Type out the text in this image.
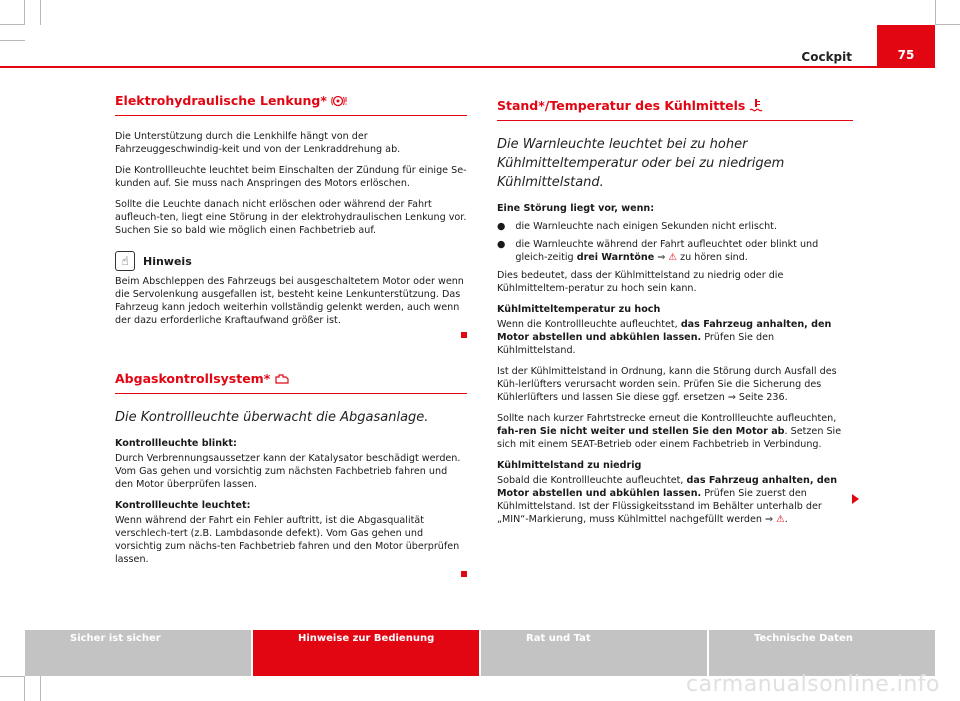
Cockpit	75
Elektrohydraulische Lenkung*

Die Unterstützung durch die Lenkhilfe hängt von der Fahrzeuggeschwindig-keit und von der Lenkraddrehung ab.

Die Kontrollleuchte leuchtet beim Einschalten der Zündung für einige Se-kunden auf. Sie muss nach Anspringen des Motors erlöschen.

Sollte die Leuchte danach nicht erlöschen oder während der Fahrt aufleuch-ten, liegt eine Störung in der elektrohydraulischen Lenkung vor. Suchen Sie so bald wie möglich einen Fachbetrieb auf.

☝	Hinweis

Beim Abschleppen des Fahrzeugs bei ausgeschaltetem Motor oder wenn die Servolenkung ausgefallen ist, besteht keine Lenkunterstützung. Das Fahrzeug kann jedoch weiterhin vollständig gelenkt werden, auch wenn der dazu erforderliche Kraftaufwand größer ist.

Abgaskontrollsystem*
Die Kontrollleuchte überwacht die Abgasanlage.

Kontrollleuchte blinkt:

Durch Verbrennungsaussetzer kann der Katalysator beschädigt werden. Vom Gas gehen und vorsichtig zum nächsten Fachbetrieb fahren und den Motor überprüfen lassen.

Kontrollleuchte leuchtet:

Wenn während der Fahrt ein Fehler auftritt, ist die Abgasqualität verschlech-tert (z.B. Lambdasonde defekt). Vom Gas gehen und vorsichtig zum nächs-ten Fachbetrieb fahren und den Motor überprüfen lassen.

Stand*/Temperatur des Kühlmittels
Die Warnleuchte leuchtet bei zu hoher Kühlmitteltemperatur oder bei zu niedrigem Kühlmittelstand.

Eine Störung liegt vor, wenn:

● die Warnleuchte nach einigen Sekunden nicht erlischt.
● die Warnleuchte während der Fahrt aufleuchtet oder blinkt und gleich-zeitig drei Warntöne ⇒ ⚠ zu hören sind.

Dies bedeutet, dass der Kühlmittelstand zu niedrig oder die Kühlmitteltem-peratur zu hoch sein kann.

Kühlmitteltemperatur zu hoch

Wenn die Kontrollleuchte aufleuchtet, das Fahrzeug anhalten, den Motor abstellen und abkühlen lassen. Prüfen Sie den Kühlmittelstand.

Ist der Kühlmittelstand in Ordnung, kann die Störung durch Ausfall des Küh-lerlüfters verursacht worden sein. Prüfen Sie die Sicherung des Kühlerlüfters und lassen Sie diese ggf. ersetzen ⇒ Seite 236.

Sollte nach kurzer Fahrtstrecke erneut die Kontrollleuchte aufleuchten, fah-ren Sie nicht weiter und stellen Sie den Motor ab. Setzen Sie sich mit einem SEAT-Betrieb oder einem Fachbetrieb in Verbindung.

Kühlmittelstand zu niedrig

Sobald die Kontrollleuchte aufleuchtet, das Fahrzeug anhalten, den Motor abstellen und abkühlen lassen. Prüfen Sie zuerst den Kühlmittelstand. Ist der Flüssigkeitsstand im Behälter unterhalb der „MIN“-Markierung, muss Kühlmittel nachgefüllt werden ⇒ ⚠.

Sicher ist sicher	Hinweise zur Bedienung	Rat und Tat	Technische Daten
carmanualsonline.info
